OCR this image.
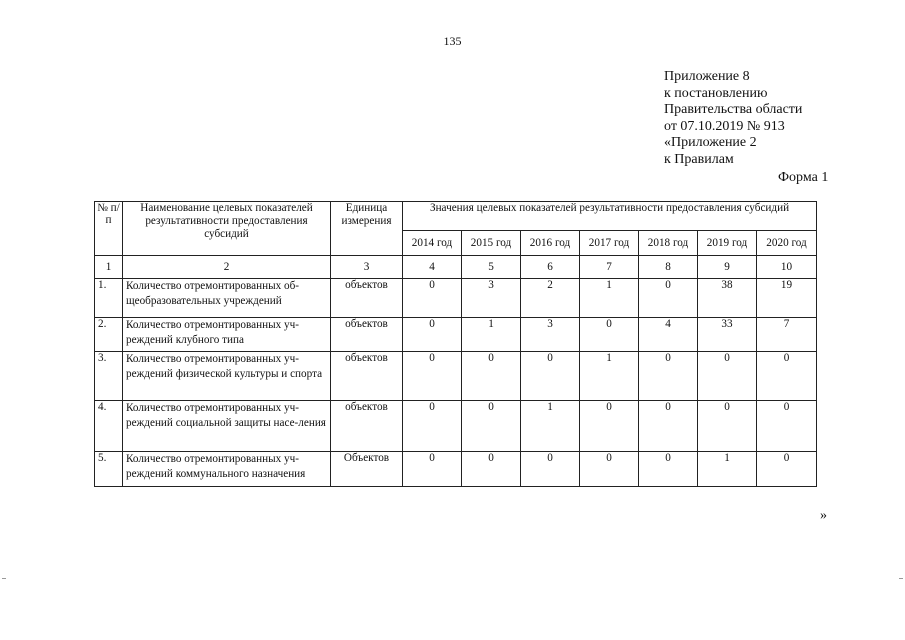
135
Приложение 8
к постановлению
Правительства области
от 07.10.2019 № 913
«Приложение 2
к Правилам
Форма 1
№ п/п	Наименование целевых показателей результативности предоставления субсидий	Единица измерения	Значения целевых показателей результативности предоставления субсидий						
			2014 год	2015 год	2016 год	2017 год	2018 год	2019 год	2020 год
1	2	3	4	5	6	7	8	9	10
1.	Количество отремонтированных об-щеобразовательных учреждений	объектов	0	3	2	1	0	38	19
2.	Количество отремонтированных уч-реждений клубного типа	объектов	0	1	3	0	4	33	7
3.	Количество отремонтированных уч-реждений физической культуры и спорта	объектов	0	0	0	1	0	0	0
4.	Количество отремонтированных уч-реждений социальной защиты насе-ления	объектов	0	0	1	0	0	0	0
5.	Количество отремонтированных уч-реждений коммунального назначения	Объектов	0	0	0	0	0	1	0
»
